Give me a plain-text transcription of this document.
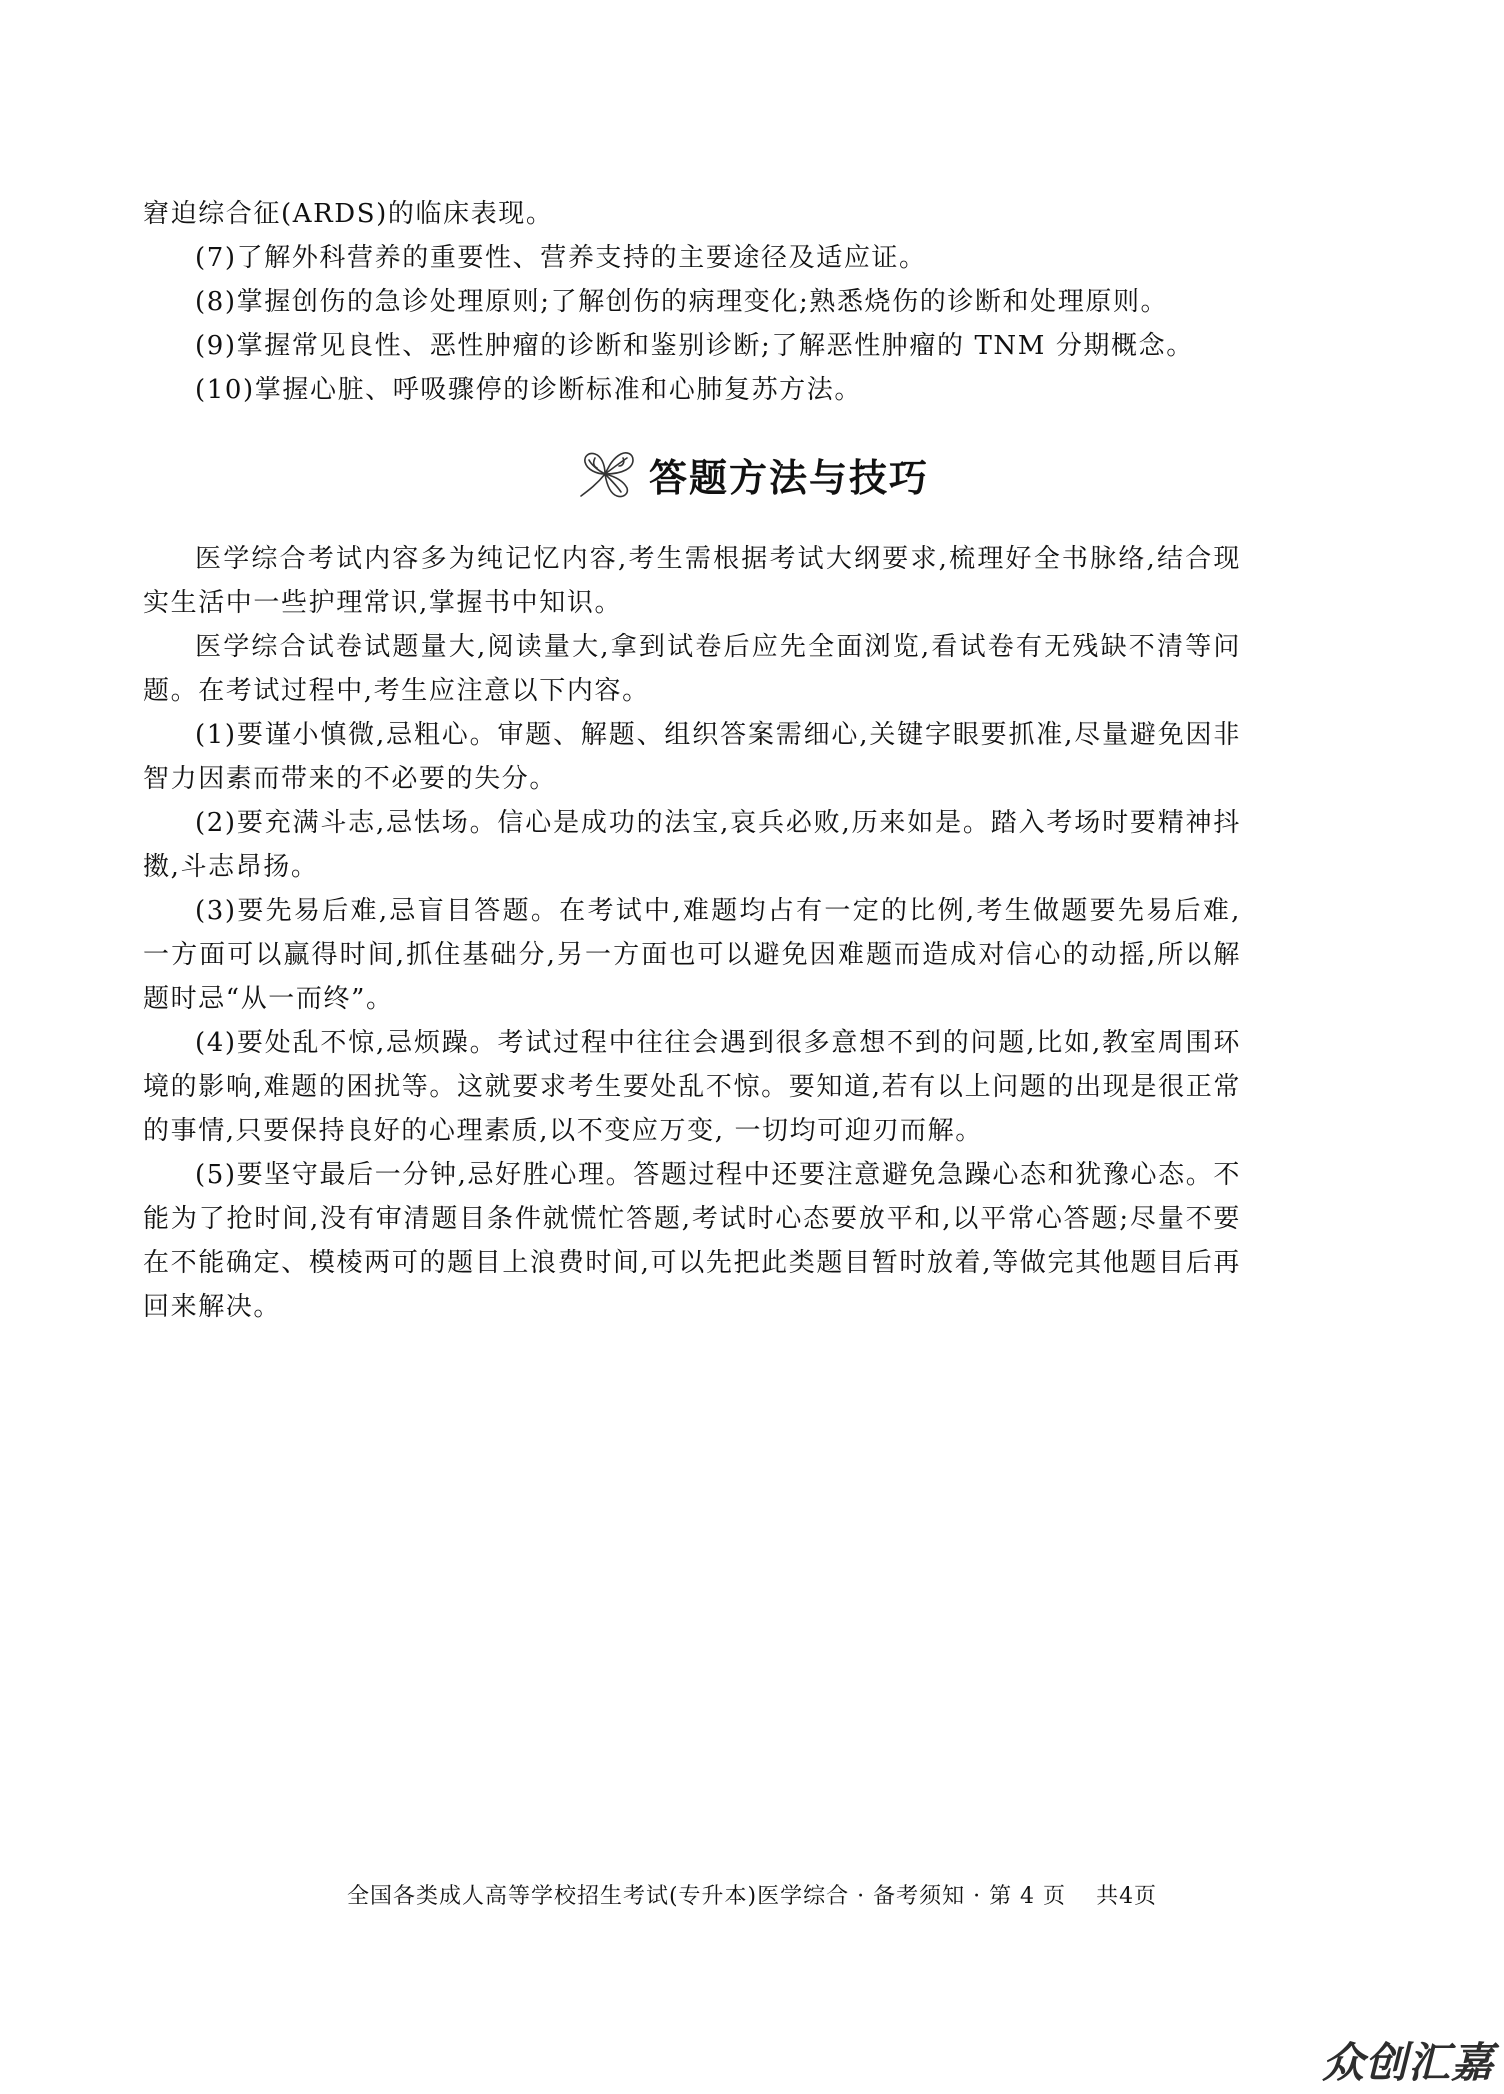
窘迫综合征(ARDS)的临床表现。

(7)了解外科营养的重要性、营养支持的主要途径及适应证。

(8)掌握创伤的急诊处理原则;了解创伤的病理变化;熟悉烧伤的诊断和处理原则。

(9)掌握常见良性、恶性肿瘤的诊断和鉴别诊断;了解恶性肿瘤的 TNM 分期概念。

(10)掌握心脏、呼吸骤停的诊断标准和心肺复苏方法。

答题方法与技巧

医学综合考试内容多为纯记忆内容,考生需根据考试大纲要求,梳理好全书脉络,结合现实生活中一些护理常识,掌握书中知识。

医学综合试卷试题量大,阅读量大,拿到试卷后应先全面浏览,看试卷有无残缺不清等问题。在考试过程中,考生应注意以下内容。

(1)要谨小慎微,忌粗心。审题、解题、组织答案需细心,关键字眼要抓准,尽量避免因非智力因素而带来的不必要的失分。

(2)要充满斗志,忌怯场。信心是成功的法宝,哀兵必败,历来如是。踏入考场时要精神抖擞,斗志昂扬。

(3)要先易后难,忌盲目答题。在考试中,难题均占有一定的比例,考生做题要先易后难,一方面可以赢得时间,抓住基础分,另一方面也可以避免因难题而造成对信心的动摇,所以解题时忌“从一而终”。

(4)要处乱不惊,忌烦躁。考试过程中往往会遇到很多意想不到的问题,比如,教室周围环境的影响,难题的困扰等。这就要求考生要处乱不惊。要知道,若有以上问题的出现是很正常的事情,只要保持良好的心理素质,以不变应万变, 一切均可迎刃而解。

(5)要坚守最后一分钟,忌好胜心理。答题过程中还要注意避免急躁心态和犹豫心态。不能为了抢时间,没有审清题目条件就慌忙答题,考试时心态要放平和,以平常心答题;尽量不要在不能确定、模棱两可的题目上浪费时间,可以先把此类题目暂时放着,等做完其他题目后再回来解决。

全国各类成人高等学校招生考试(专升本)医学综合 · 备考须知 · 第 4 页 共4页
众创汇嘉
